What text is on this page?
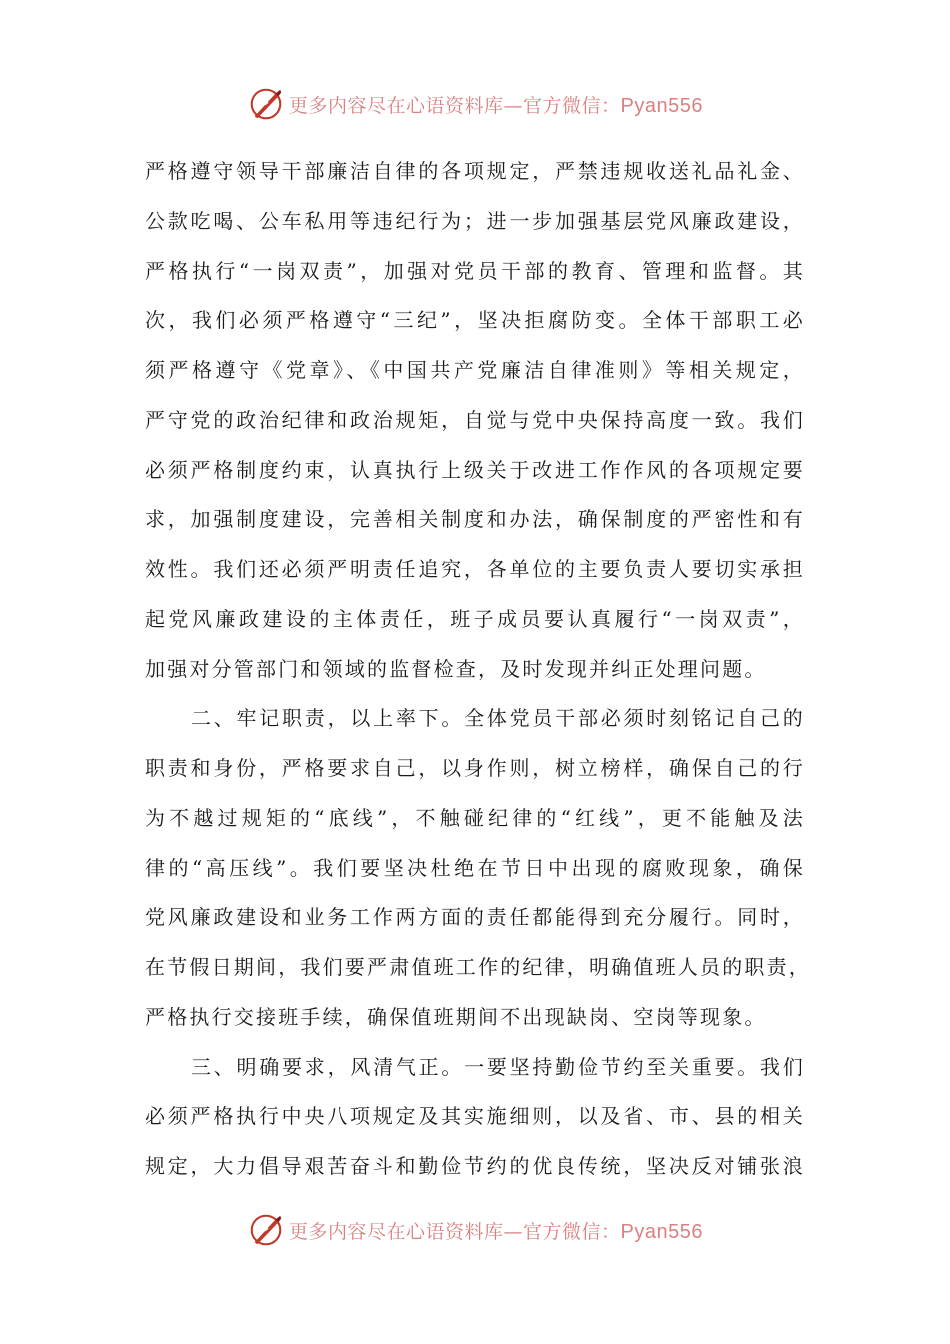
更多内容尽在心语资料库—官方微信：Pyan556
严格遵守领导干部廉洁自律的各项规定，严禁违规收送礼品礼金、
公款吃喝、公车私用等违纪行为；进一步加强基层党风廉政建设，
严格执行“一岗双责”，加强对党员干部的教育、管理和监督。其
次，我们必须严格遵守“三纪”，坚决拒腐防变。全体干部职工必
须严格遵守《党章》、《中国共产党廉洁自律准则》等相关规定，
严守党的政治纪律和政治规矩，自觉与党中央保持高度一致。我们
必须严格制度约束，认真执行上级关于改进工作作风的各项规定要
求，加强制度建设，完善相关制度和办法，确保制度的严密性和有
效性。我们还必须严明责任追究，各单位的主要负责人要切实承担
起党风廉政建设的主体责任，班子成员要认真履行“一岗双责”，
加强对分管部门和领域的监督检查，及时发现并纠正处理问题。
二、牢记职责，以上率下。全体党员干部必须时刻铭记自己的
职责和身份，严格要求自己，以身作则，树立榜样，确保自己的行
为不越过规矩的“底线”，不触碰纪律的“红线”，更不能触及法
律的“高压线”。我们要坚决杜绝在节日中出现的腐败现象，确保
党风廉政建设和业务工作两方面的责任都能得到充分履行。同时，
在节假日期间，我们要严肃值班工作的纪律，明确值班人员的职责，
严格执行交接班手续，确保值班期间不出现缺岗、空岗等现象。
三、明确要求，风清气正。一要坚持勤俭节约至关重要。我们
必须严格执行中央八项规定及其实施细则，以及省、市、县的相关
规定，大力倡导艰苦奋斗和勤俭节约的优良传统，坚决反对铺张浪
更多内容尽在心语资料库—官方微信：Pyan556
